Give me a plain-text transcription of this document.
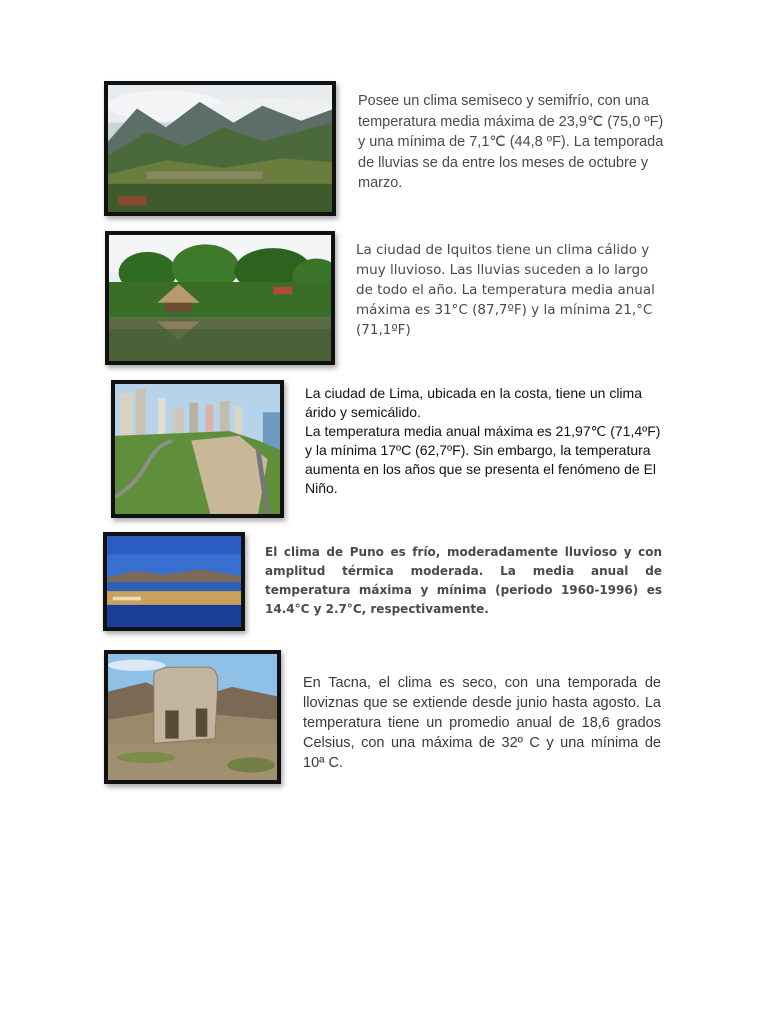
Posee un clima semiseco y semifrío, con una temperatura media máxima de 23,9℃ (75,0 ºF) y una mínima de 7,1℃ (44,8 ºF). La temporada de lluvias se da entre los meses de octubre y marzo.

La ciudad de Iquitos tiene un clima cálido y muy lluvioso. Las lluvias suceden a lo largo de todo el año. La temperatura media anual máxima es 31°C (87,7ºF) y la mínima 21,°C (71,1ºF)

La ciudad de Lima, ubicada en la costa, tiene un clima árido y semicálido.
La temperatura media anual máxima es 21,97℃ (71,4ºF) y la mínima 17ºC (62,7ºF). Sin embargo, la temperatura aumenta en los años que se presenta el fenómeno de El Niño.

El clima de Puno es frío, moderadamente lluvioso y con amplitud térmica moderada. La media anual de temperatura máxima y mínima (periodo 1960-1996) es 14.4°C y 2.7°C, respectivamente.

En Tacna, el clima es seco, con una temporada de lloviznas que se extiende desde junio hasta agosto. La temperatura tiene un promedio anual de 18,6 grados Celsius, con una máxima de 32º C y una mínima de 10ª C.
